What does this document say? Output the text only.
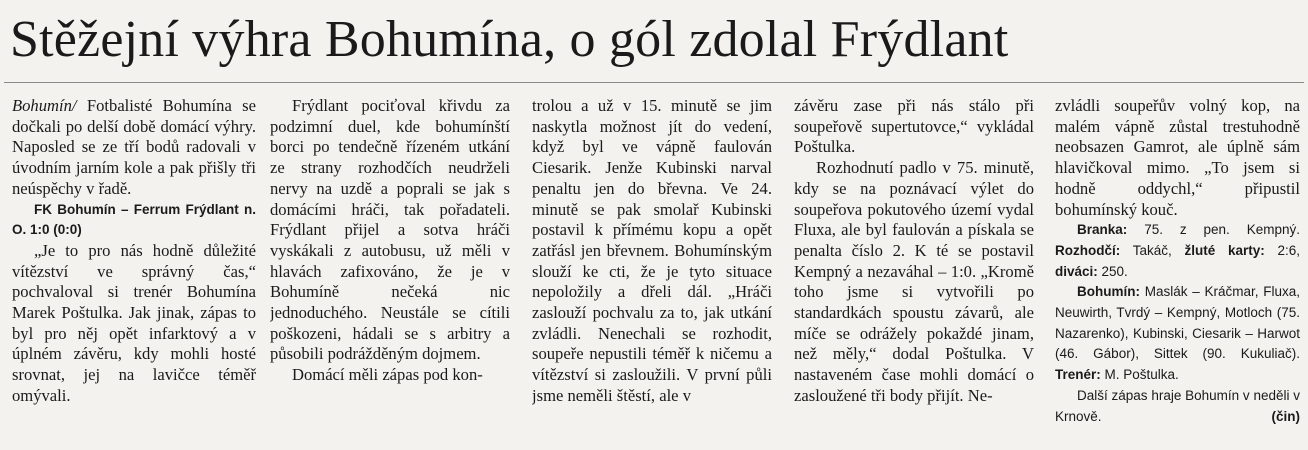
Stěžejní výhra Bohumína, o gól zdolal Frýdlant

Bohumín/ Fotbalisté Bohumína se dočkali po delší době domácí výhry. Naposled se ze tří bodů radovali v úvodním jarním kole a pak přišly tři neúspěchy v řadě.

FK Bohumín – Ferrum Frýdlant n. O. 1:0 (0:0)

„Je to pro nás hodně důležité vítězství ve správný čas,“ pochvaloval si trenér Bohumína Marek Poštulka. Jak jinak, zápas to byl pro něj opět infarktový a v úplném závěru, kdy mohli hosté srovnat, jej na lavičce téměř omývali.

Frýdlant pociťoval křivdu za podzimní duel, kde bohumínští borci po tendečně řízeném utkání ze strany rozhodčích neudrželi nervy na uzdě a poprali se jak s domácími hráči, tak pořadateli. Frýdlant přijel a sotva hráči vyskákali z autobusu, už měli v hlavách zafixováno, že je v Bohumíně nečeká nic jednoduchého. Neustále se cítili poškozeni, hádali se s arbitry a působili podrážděným dojmem.

Domácí měli zápas pod kon-

trolou a už v 15. minutě se jim naskytla možnost jít do vedení, když byl ve vápně faulován Ciesarik. Jenže Kubinski narval penaltu jen do břevna. Ve 24. minutě se pak smolař Kubinski postavil k přímému kopu a opět zatřásl jen břevnem. Bohumínským slouží ke cti, že je tyto situace nepoložily a dřeli dál. „Hráči zaslouží pochvalu za to, jak utkání zvládli. Nenechali se rozhodit, soupeře nepustili téměř k ničemu a vítězství si zasloužili. V první půli jsme neměli štěstí, ale v

závěru zase při nás stálo při soupeřově supertutovce,“ vykládal Poštulka.

Rozhodnutí padlo v 75. minutě, kdy se na poznávací výlet do soupeřova pokutového území vydal Fluxa, ale byl faulován a pískala se penalta číslo 2. K té se postavil Kempný a nezaváhal – 1:0. „Kromě toho jsme si vytvořili po standardkách spoustu závarů, ale míče se odrážely pokaždé jinam, než měly,“ dodal Poštulka. V nastaveném čase mohli domácí o zasloužené tři body přijít. Ne-

zvládli soupeřův volný kop, na malém vápně zůstal trestuhodně neobsazen Gamrot, ale úplně sám hlavičkoval mimo. „To jsem si hodně oddychl,“ připustil bohumínský kouč.

Branka: 75. z pen. Kempný. Rozhodčí: Takáč, žluté karty: 2:6, diváci: 250.

Bohumín: Maslák – Kráčmar, Fluxa, Neuwirth, Tvrdý – Kempný, Motloch (75. Nazarenko), Kubinski, Ciesarik – Harwot (46. Gábor), Sittek (90. Kukuliač). Trenér: M. Poštulka.

Další zápas hraje Bohumín v neděli v Krnově.	(čin)
